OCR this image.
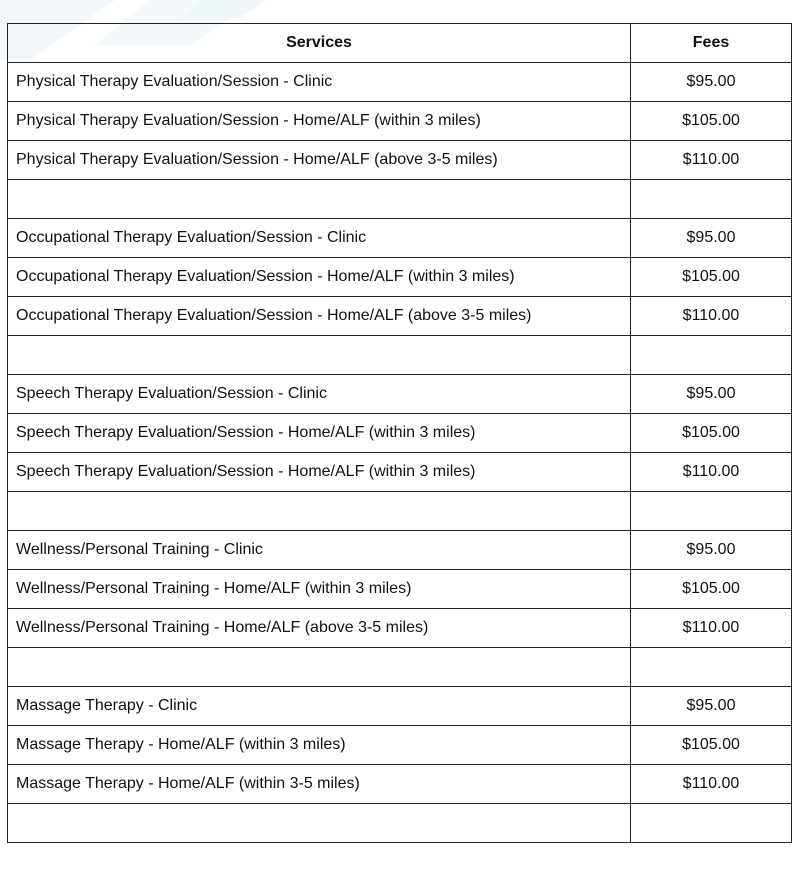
Services	Fees
Physical Therapy Evaluation/Session - Clinic	$95.00
Physical Therapy Evaluation/Session - Home/ALF (within 3 miles)	$105.00
Physical Therapy Evaluation/Session - Home/ALF (above 3-5 miles)	$110.00

Occupational Therapy Evaluation/Session - Clinic	$95.00
Occupational Therapy Evaluation/Session - Home/ALF (within 3 miles)	$105.00
Occupational Therapy Evaluation/Session - Home/ALF (above 3-5 miles)	$110.00

Speech Therapy Evaluation/Session - Clinic	$95.00
Speech Therapy Evaluation/Session - Home/ALF (within 3 miles)	$105.00
Speech Therapy Evaluation/Session - Home/ALF (within 3 miles)	$110.00

Wellness/Personal Training - Clinic	$95.00
Wellness/Personal Training - Home/ALF (within 3 miles)	$105.00
Wellness/Personal Training - Home/ALF (above 3-5 miles)	$110.00

Massage Therapy - Clinic	$95.00
Massage Therapy - Home/ALF (within 3 miles)	$105.00
Massage Therapy - Home/ALF (within 3-5 miles)	$110.00
